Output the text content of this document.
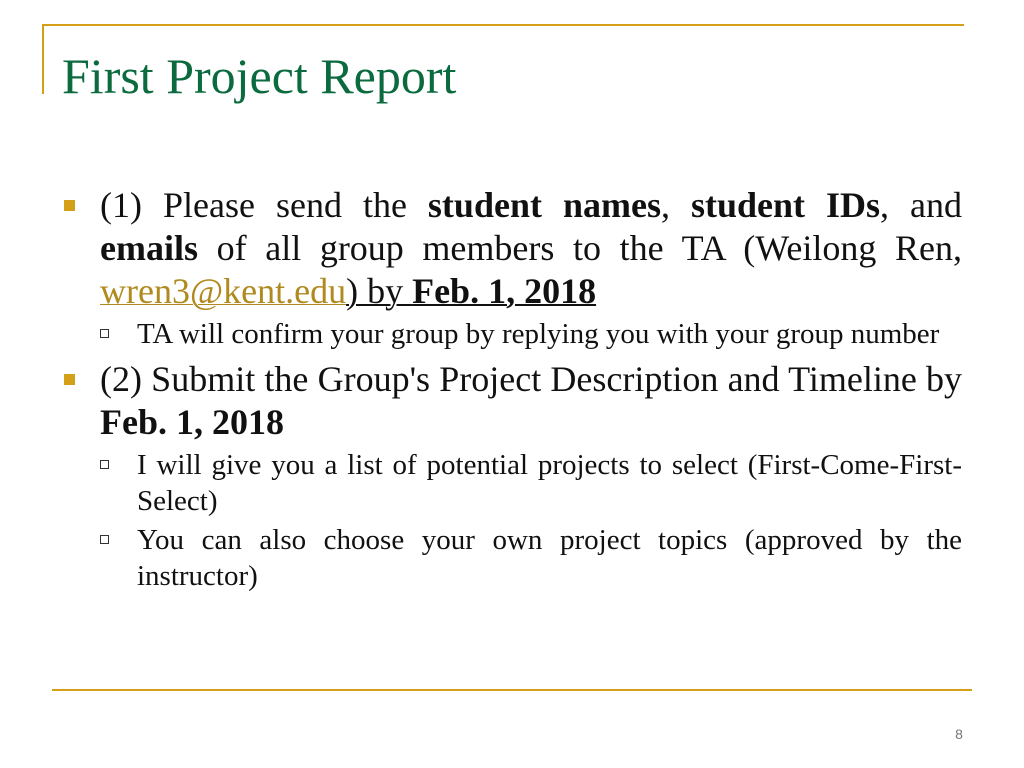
First Project Report
(1) Please send the student names, student IDs, and emails of all group members to the TA (Weilong Ren, wren3@kent.edu) by Feb. 1, 2018
TA will confirm your group by replying you with your group number
(2) Submit the Group's Project Description and Timeline by Feb. 1, 2018
I will give you a list of potential projects to select (First-Come-First-Select)
You can also choose your own project topics (approved by the instructor)
8
